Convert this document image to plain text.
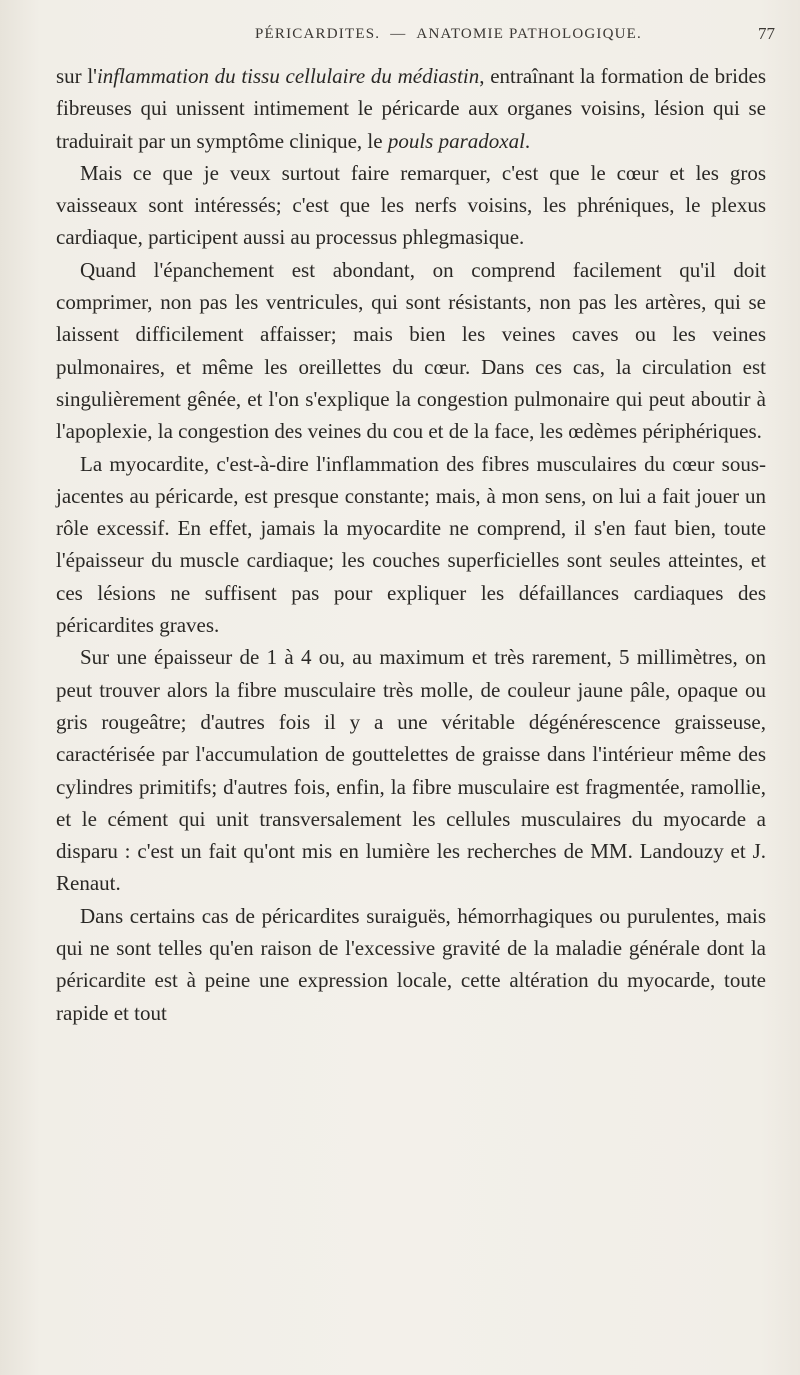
PÉRICARDITES. — ANATOMIE PATHOLOGIQUE.	77

sur l'inflammation du tissu cellulaire du médiastin, entraînant la formation de brides fibreuses qui unissent intimement le péricarde aux organes voisins, lésion qui se traduirait par un symptôme clinique, le pouls paradoxal.

Mais ce que je veux surtout faire remarquer, c'est que le cœur et les gros vaisseaux sont intéressés; c'est que les nerfs voisins, les phréniques, le plexus cardiaque, participent aussi au processus phlegmasique.

Quand l'épanchement est abondant, on comprend facilement qu'il doit comprimer, non pas les ventricules, qui sont résistants, non pas les artères, qui se laissent difficilement affaisser; mais bien les veines caves ou les veines pulmonaires, et même les oreillettes du cœur. Dans ces cas, la circulation est singulièrement gênée, et l'on s'explique la congestion pulmonaire qui peut aboutir à l'apoplexie, la congestion des veines du cou et de la face, les œdèmes périphériques.

La myocardite, c'est-à-dire l'inflammation des fibres musculaires du cœur sous-jacentes au péricarde, est presque constante; mais, à mon sens, on lui a fait jouer un rôle excessif. En effet, jamais la myocardite ne comprend, il s'en faut bien, toute l'épaisseur du muscle cardiaque; les couches superficielles sont seules atteintes, et ces lésions ne suffisent pas pour expliquer les défaillances cardiaques des péricardites graves.

Sur une épaisseur de 1 à 4 ou, au maximum et très rarement, 5 millimètres, on peut trouver alors la fibre musculaire très molle, de couleur jaune pâle, opaque ou gris rougeâtre; d'autres fois il y a une véritable dégénérescence graisseuse, caractérisée par l'accumulation de gouttelettes de graisse dans l'intérieur même des cylindres primitifs; d'autres fois, enfin, la fibre musculaire est fragmentée, ramollie, et le cément qui unit transversalement les cellules musculaires du myocarde a disparu : c'est un fait qu'ont mis en lumière les recherches de MM. Landouzy et J. Renaut.

Dans certains cas de péricardites suraiguës, hémorrhagiques ou purulentes, mais qui ne sont telles qu'en raison de l'excessive gravité de la maladie générale dont la péricardite est à peine une expression locale, cette altération du myocarde, toute rapide et tout
